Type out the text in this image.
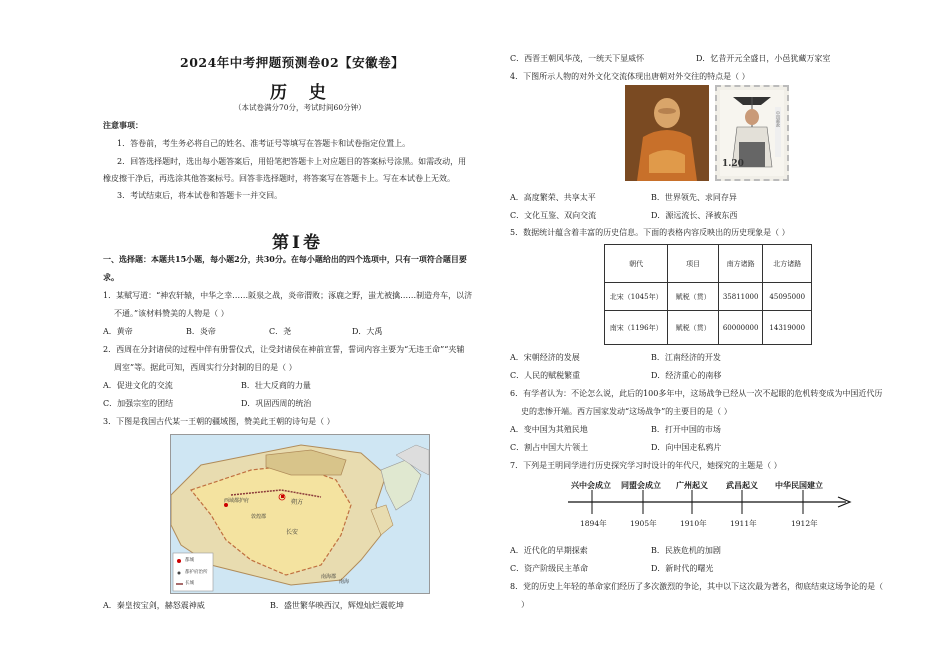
2024年中考押题预测卷02【安徽卷】
历 史
（本试卷满分70分，考试时间60分钟）
注意事项：
1．答卷前，考生务必将自己的姓名、准考证号等填写在答题卡和试卷指定位置上。
2．回答选择题时，选出每小题答案后，用铅笔把答题卡上对应题目的答案标号涂黑。如需改动，用
橡皮擦干净后，再选涂其他答案标号。回答非选择题时，将答案写在答题卡上。写在本试卷上无效。
3．考试结束后，将本试卷和答题卡一并交回。
第Ⅰ卷
一、选择题：本题共15小题，每小题2分，共30分。在每小题给出的四个选项中，只有一项符合题目要
求。
1．某赋写道：“神农轩辕，中华之幸……阪泉之战，炎帝渭败；涿鹿之野，蚩尤被擒……制造舟车，以济
不通。”该材料赞美的人物是（ ）
A．黄帝	B．炎帝	C．尧	D．大禹
2．西周在分封诸侯的过程中伴有册誓仪式，让受封诸侯在神前宣誓，誓词内容主要为“无违王命”“夹辅
周室”等。据此可知，西周实行分封制的目的是（ ）
A．促进文化的交流	B．壮大反商的力量
C．加强宗室的团结	D．巩固西周的统治
3．下图是我国古代某一王朝的疆域图，赞美此王朝的诗句是（ ）
南海
朔方
西域都护府
敦煌郡
长安
南海郡
都城
都护府治所
长城
A．秦皇按宝剑，赫怒震神威	B．盛世繁华映西汉，辉煌灿烂震乾坤
C．西晋王朝风华茂，一统天下显威怀	D．忆昔开元全盛日，小邑犹藏万家室
4．下图所示人物的对外文化交流体现出唐朝对外交往的特点是（ ）
1.20
中国邮政
A．高度繁荣、共享太平	B．世界领先、求同存异
C．文化互鉴、双向交流	D．源远流长、泽被东西
5．数据统计蕴含着丰富的历史信息。下面的表格内容反映出的历史现象是（ ）
朝代	项目	南方诸路	北方诸路
北宋（1045年）	赋税（贯）	35811000	45095000
南宋（1196年）	赋税（贯）	60000000	14319000
A．宋朝经济的发展	B．江南经济的开发
C．人民的赋税繁重	D．经济重心的南移
6．有学者认为：不论怎么说，此后的100多年中，这场战争已经从一次不起眼的危机转变成为中国近代历
史的悲惨开端。西方国家发动“这场战争”的主要目的是（ ）
A．变中国为其殖民地	B．打开中国的市场
C．割占中国大片领土	D．向中国走私鸦片
7．下列是王明同学进行历史探究学习时设计的年代尺，她探究的主题是（ ）
兴中会成立 同盟会成立 广州起义 武昌起义 中华民国建立
1894年	1905年	1910年	1911年	1912年
A．近代化的早期探索	B．民族危机的加剧
C．资产阶级民主革命	D．新时代的曙光
8．党的历史上年轻的革命家们经历了多次激烈的争论，其中以下这次最为著名，彻底结束这场争论的是（
）
